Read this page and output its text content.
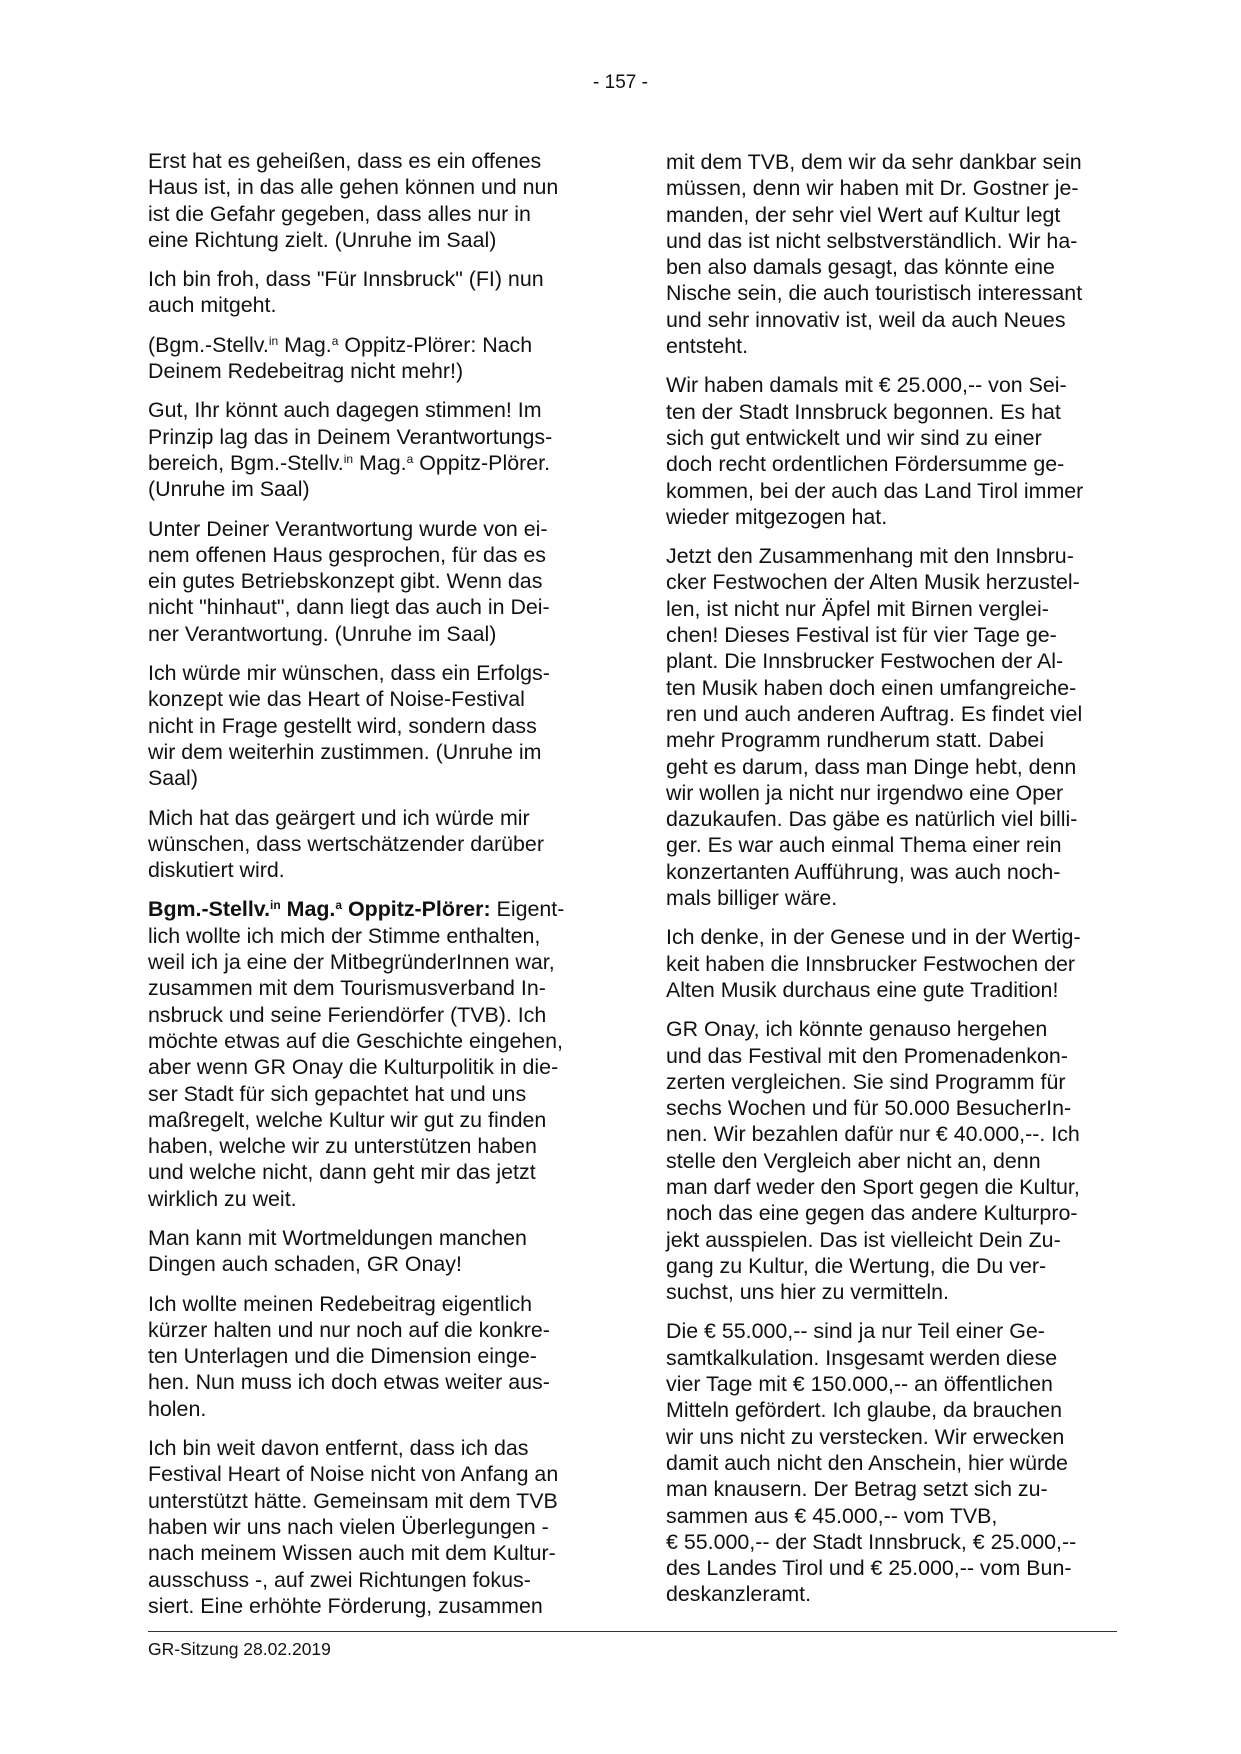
- 157 -

Erst hat es geheißen, dass es ein offenes
Haus ist, in das alle gehen können und nun
ist die Gefahr gegeben, dass alles nur in
eine Richtung zielt. (Unruhe im Saal)

Ich bin froh, dass "Für Innsbruck" (FI) nun
auch mitgeht.

(Bgm.-Stellv.$^{in}$ Mag.$^a$ Oppitz-Plörer: Nach
Deinem Redebeitrag nicht mehr!)

Gut, Ihr könnt auch dagegen stimmen! Im
Prinzip lag das in Deinem Verantwortungs-
bereich, Bgm.-Stellv.$^{in}$ Mag.$^a$ Oppitz-Plörer.
(Unruhe im Saal)

Unter Deiner Verantwortung wurde von ei-
nem offenen Haus gesprochen, für das es
ein gutes Betriebskonzept gibt. Wenn das
nicht "hinhaut", dann liegt das auch in Dei-
ner Verantwortung. (Unruhe im Saal)

Ich würde mir wünschen, dass ein Erfolgs-
konzept wie das Heart of Noise-Festival
nicht in Frage gestellt wird, sondern dass
wir dem weiterhin zustimmen. (Unruhe im
Saal)

Mich hat das geärgert und ich würde mir
wünschen, dass wertschätzender darüber
diskutiert wird.

Bgm.-Stellv.$^{in}$ Mag.$^a$ Oppitz-Plörer: Eigent-
lich wollte ich mich der Stimme enthalten,
weil ich ja eine der MitbegründerInnen war,
zusammen mit dem Tourismusverband In-
nsbruck und seine Feriendörfer (TVB). Ich
möchte etwas auf die Geschichte eingehen,
aber wenn GR Onay die Kulturpolitik in die-
ser Stadt für sich gepachtet hat und uns
maßregelt, welche Kultur wir gut zu finden
haben, welche wir zu unterstützen haben
und welche nicht, dann geht mir das jetzt
wirklich zu weit.

Man kann mit Wortmeldungen manchen
Dingen auch schaden, GR Onay!

Ich wollte meinen Redebeitrag eigentlich
kürzer halten und nur noch auf die konkre-
ten Unterlagen und die Dimension einge-
hen. Nun muss ich doch etwas weiter aus-
holen.

Ich bin weit davon entfernt, dass ich das
Festival Heart of Noise nicht von Anfang an
unterstützt hätte. Gemeinsam mit dem TVB
haben wir uns nach vielen Überlegungen -
nach meinem Wissen auch mit dem Kultur-
ausschuss -, auf zwei Richtungen fokus-
siert. Eine erhöhte Förderung, zusammen

mit dem TVB, dem wir da sehr dankbar sein
müssen, denn wir haben mit Dr. Gostner je-
manden, der sehr viel Wert auf Kultur legt
und das ist nicht selbstverständlich. Wir ha-
ben also damals gesagt, das könnte eine
Nische sein, die auch touristisch interessant
und sehr innovativ ist, weil da auch Neues
entsteht.

Wir haben damals mit € 25.000,-- von Sei-
ten der Stadt Innsbruck begonnen. Es hat
sich gut entwickelt und wir sind zu einer
doch recht ordentlichen Fördersumme ge-
kommen, bei der auch das Land Tirol immer
wieder mitgezogen hat.

Jetzt den Zusammenhang mit den Innsbru-
cker Festwochen der Alten Musik herzustel-
len, ist nicht nur Äpfel mit Birnen verglei-
chen! Dieses Festival ist für vier Tage ge-
plant. Die Innsbrucker Festwochen der Al-
ten Musik haben doch einen umfangreiche-
ren und auch anderen Auftrag. Es findet viel
mehr Programm rundherum statt. Dabei
geht es darum, dass man Dinge hebt, denn
wir wollen ja nicht nur irgendwo eine Oper
dazukaufen. Das gäbe es natürlich viel billi-
ger. Es war auch einmal Thema einer rein
konzertanten Aufführung, was auch noch-
mals billiger wäre.

Ich denke, in der Genese und in der Wertig-
keit haben die Innsbrucker Festwochen der
Alten Musik durchaus eine gute Tradition!

GR Onay, ich könnte genauso hergehen
und das Festival mit den Promenadenkon-
zerten vergleichen. Sie sind Programm für
sechs Wochen und für 50.000 BesucherIn-
nen. Wir bezahlen dafür nur € 40.000,--. Ich
stelle den Vergleich aber nicht an, denn
man darf weder den Sport gegen die Kultur,
noch das eine gegen das andere Kulturpro-
jekt ausspielen. Das ist vielleicht Dein Zu-
gang zu Kultur, die Wertung, die Du ver-
suchst, uns hier zu vermitteln.

Die € 55.000,-- sind ja nur Teil einer Ge-
samtkalkulation. Insgesamt werden diese
vier Tage mit € 150.000,-- an öffentlichen
Mitteln gefördert. Ich glaube, da brauchen
wir uns nicht zu verstecken. Wir erwecken
damit auch nicht den Anschein, hier würde
man knausern. Der Betrag setzt sich zu-
sammen aus € 45.000,-- vom TVB,
€ 55.000,-- der Stadt Innsbruck, € 25.000,--
des Landes Tirol und € 25.000,-- vom Bun-
deskanzleramt.

GR-Sitzung 28.02.2019
